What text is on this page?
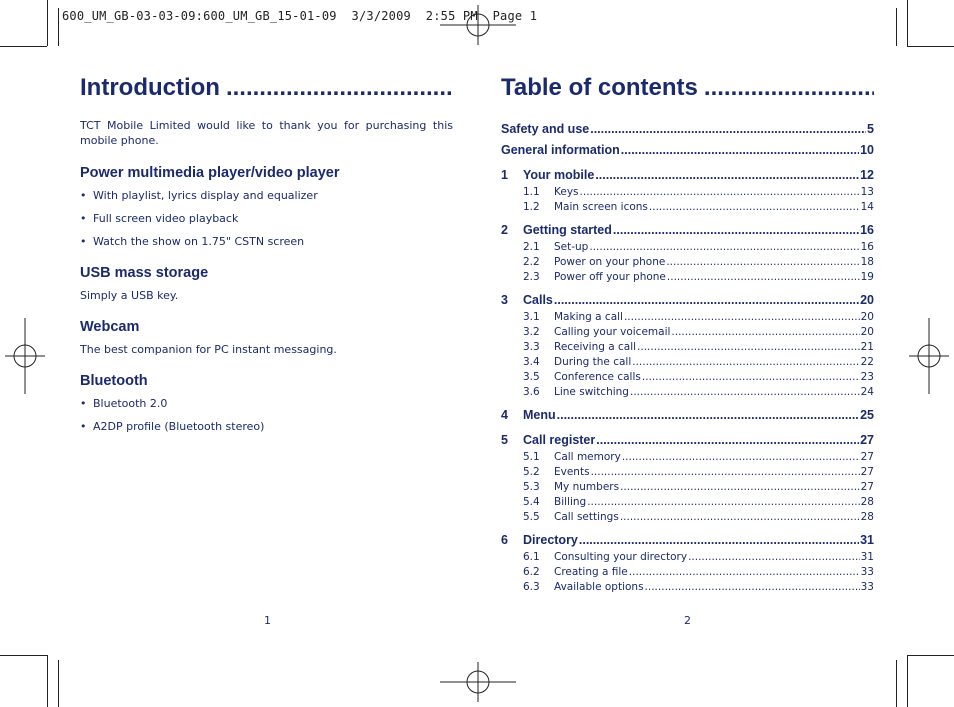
600_UM_GB-03-03-09:600_UM_GB_15-01-09  3/3/2009  2:55 PM  Page 1
Introduction
.....
TCT Mobile Limited would like to thank you for purchasing this mobile phone.
Power multimedia player/video player
• With playlist, lyrics display and equalizer
• Full screen video playback
• Watch the show on 1.75" CSTN screen
USB mass storage
Simply a USB key.
Webcam
The best companion for PC instant messaging.
Bluetooth
• Bluetooth 2.0
• A2DP profile (Bluetooth stereo)
1
Table of contents
.....
Safety and use .....	5
General information .....	10
1	Your mobile .....	12
1.1	Keys .....	13
1.2	Main screen icons .....	14
2	Getting started .....	16
2.1	Set-up .....	16
2.2	Power on your phone .....	18
2.3	Power off your phone .....	19
3	Calls .....	20
3.1	Making a call .....	20
3.2	Calling your voicemail .....	20
3.3	Receiving a call .....	21
3.4	During the call .....	22
3.5	Conference calls .....	23
3.6	Line switching .....	24
4	Menu .....	25
5	Call register .....	27
5.1	Call memory .....	27
5.2	Events .....	27
5.3	My numbers .....	27
5.4	Billing .....	28
5.5	Call settings .....	28
6	Directory .....	31
6.1	Consulting your directory .....	31
6.2	Creating a file .....	33
6.3	Available options .....	33
2
